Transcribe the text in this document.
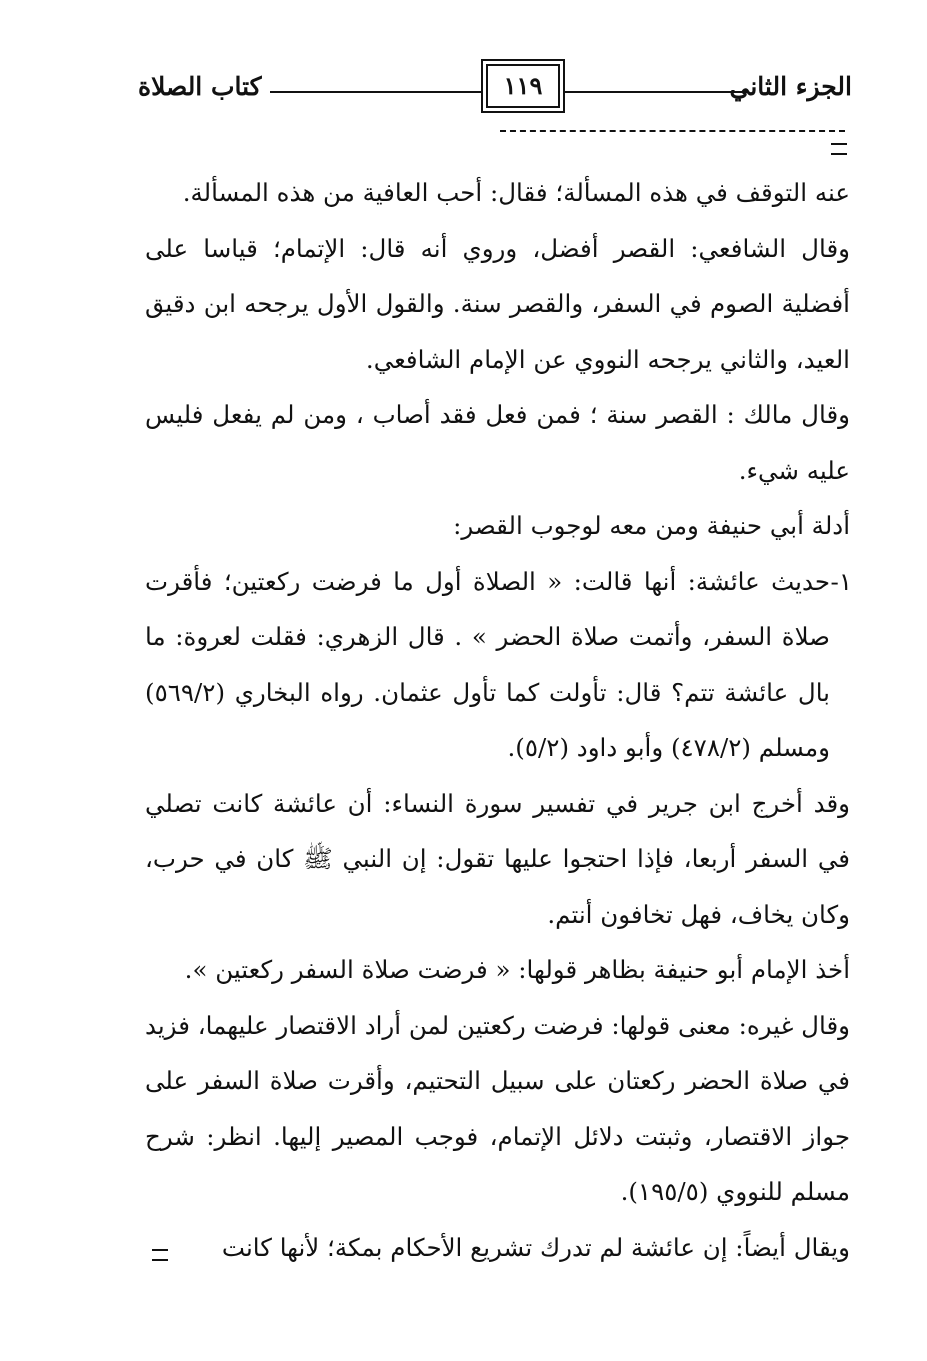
الجزء الثاني
كتاب الصلاة	١١٩

عنه التوقف في هذه المسألة؛ فقال: أحب العافية من هذه المسألة.

وقال الشافعي: القصر أفضل، وروي أنه قال: الإتمام؛ قياسا على أفضلية الصوم في السفر، والقصر سنة. والقول الأول يرجحه ابن دقيق العيد، والثاني يرجحه النووي عن الإمام الشافعي.

وقال مالك : القصر سنة ؛ فمن فعل فقد أصاب ، ومن لم يفعل فليس عليه شيء.

أدلة أبي حنيفة ومن معه لوجوب القصر:

١-

حديث عائشة: أنها قالت: « الصلاة أول ما فرضت ركعتين؛ فأقرت صلاة السفر، وأتمت صلاة الحضر » . قال الزهري: فقلت لعروة: ما بال عائشة تتم؟ قال: تأولت كما تأول عثمان. رواه البخاري (٥٦٩/٢) ومسلم (٤٧٨/٢) وأبو داود (٥/٢).

وقد أخرج ابن جرير في تفسير سورة النساء: أن عائشة كانت تصلي في السفر أربعا، فإذا احتجوا عليها تقول: إن النبي ﷺ كان في حرب، وكان يخاف، فهل تخافون أنتم.

أخذ الإمام أبو حنيفة بظاهر قولها: « فرضت صلاة السفر ركعتين ».

وقال غيره: معنى قولها: فرضت ركعتين لمن أراد الاقتصار عليهما، فزيد في صلاة الحضر ركعتان على سبيل التحتيم، وأقرت صلاة السفر على جواز الاقتصار، وثبتت دلائل الإتمام، فوجب المصير إليها. انظر: شرح مسلم للنووي (١٩٥/٥).

ويقال أيضاً: إن عائشة لم تدرك تشريع الأحكام بمكة؛ لأنها كانت
